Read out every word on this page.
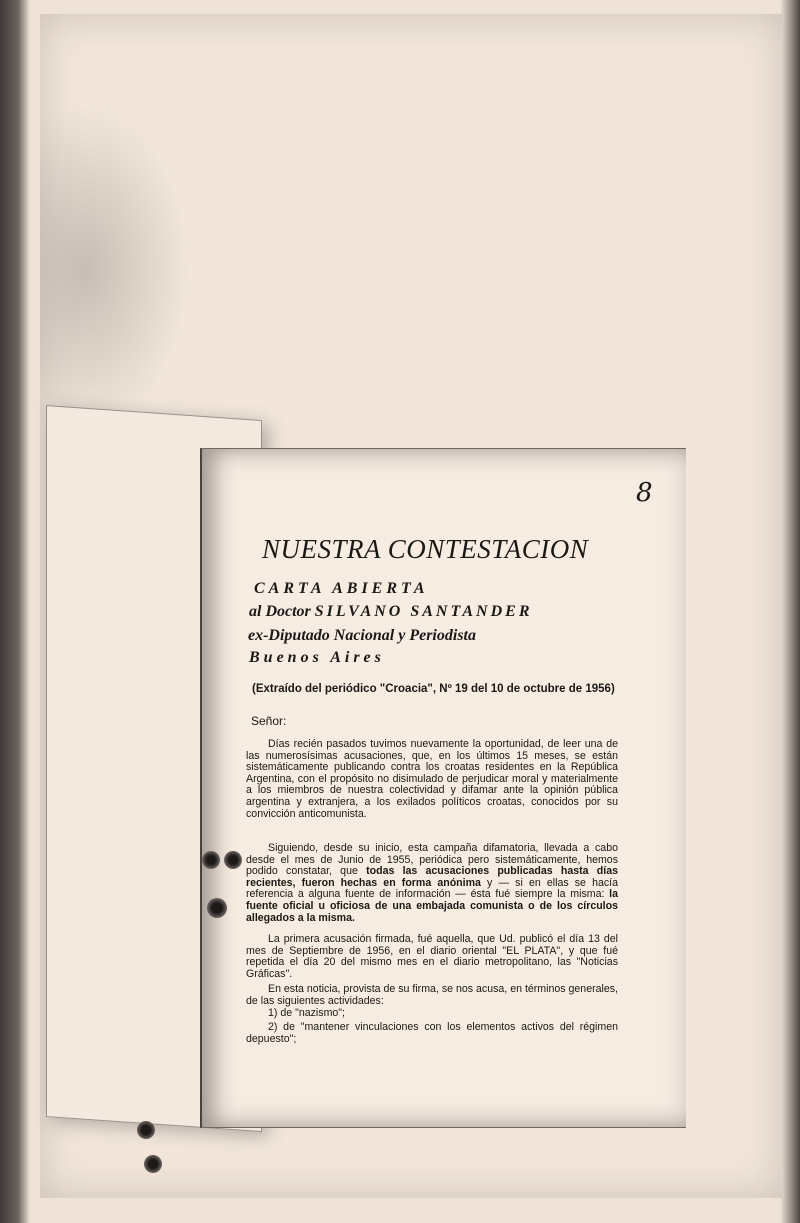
8
NUESTRA CONTESTACION
CARTA ABIERTA
al Doctor SILVANO SANTANDER
ex-Diputado Nacional y Periodista
Buenos Aires
(Extraído del periódico "Croacia", Nº 19 del 10 de octubre de 1956)
Señor:

Días recién pasados tuvimos nuevamente la oportunidad, de leer una de las numerosísimas acusaciones, que, en los últimos 15 meses, se están sistemáticamente publicando contra los croatas residentes en la República Argentina, con el propósito no disimulado de perjudicar moral y materialmente a los miembros de nuestra colectividad y difamar ante la opinión pública argentina y extranjera, a los exilados políticos croatas, conocidos por su convicción anticomunista.

Siguiendo, desde su inicio, esta campaña difamatoria, llevada a cabo desde el mes de Junio de 1955, periódica pero sistemáticamente, hemos podido constatar, que todas las acusaciones publicadas hasta días recientes, fueron hechas en forma anónima y — si en ellas se hacía referencia a alguna fuente de información — ésta fué siempre la misma: la fuente oficial u oficiosa de una embajada comunista o de los círculos allegados a la misma.

La primera acusación firmada, fué aquella, que Ud. publicó el día 13 del mes de Septiembre de 1956, en el diario oriental "EL PLATA", y que fué repetida el día 20 del mismo mes en el diario metropolitano, las "Noticias Gráficas".

En esta noticia, provista de su firma, se nos acusa, en términos generales, de las siguientes actividades:

1) de "nazismo";

2) de "mantener vinculaciones con los elementos activos del régimen depuesto";
